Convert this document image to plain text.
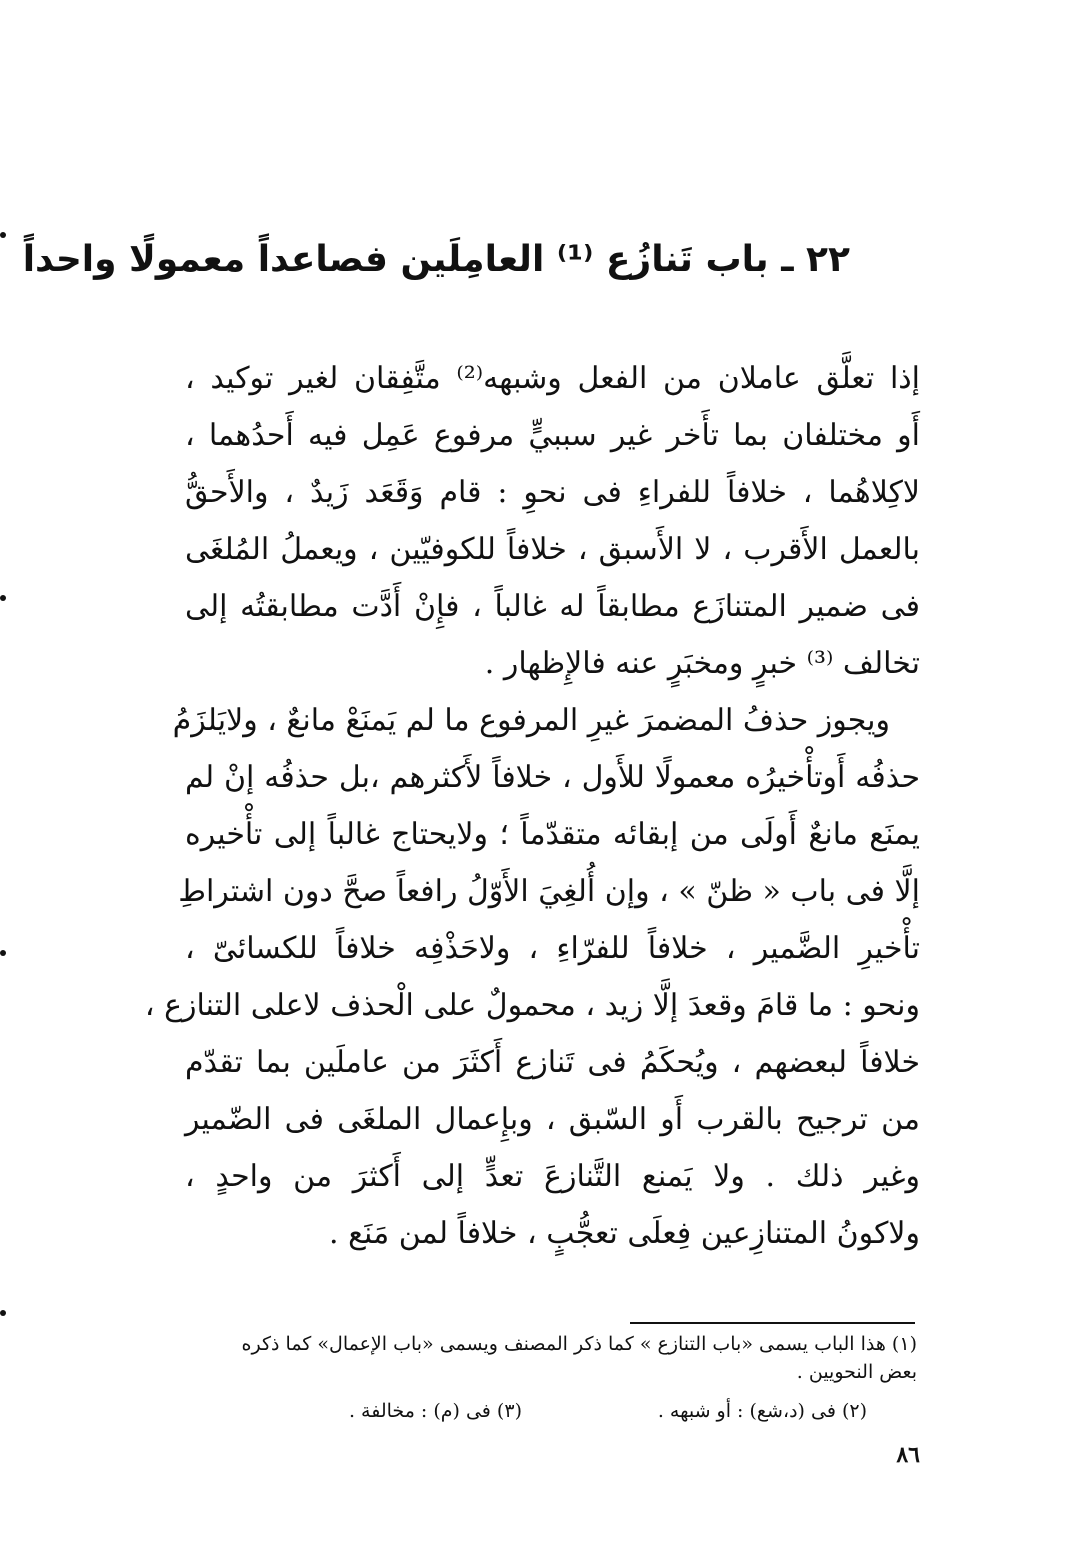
٢٢ ـ باب تَنازُع ⁽¹⁾ العامِلَين فصاعداً معمولًا واحداً
إذا تعلَّق عاملان من الفعل وشبهه⁽²⁾ متَّفِقان لغير توكيد ،
أَو مختلفان بما تأَخر غير سببيٍّ مرفوع عَمِل فيه أَحدُهما ،
لاكِلاهُما ، خلافاً للفراءِ فى نحوِ : قام وَقَعَد زَيدٌ ، والأَحقُّ
بالعمل الأَقرب ، لا الأَسبق ، خلافاً للكوفيّين ، ويعملُ المُلغَى
فى ضمير المتنازَع مطابقاً له غالباً ، فإِنْ أَدَّت مطابقتُه إلى
تخالف ⁽³⁾ خبرٍ ومخبَرٍ عنه فالإِظهار .
ويجوز حذفُ المضمرَ غيرِ المرفوع ما لم يَمنَعْ مانعٌ ، ولايَلزَمُ
حذفُه أَوتأْخيرُه معمولًا للأَول ، خلافاً لأَكثرهم ،بل حذفُه إنْ لم
يمنَع مانعٌ أَولَى من إبقائه متقدّماً ؛ ولايحتاج غالباً إلى تأْخيره
إلَّا فى باب « ظنّ » ، وإن أُلغِيَ الأَوّلُ رافعاً صحَّ دون اشتراطِ
تأْخيرِ الضَّمير ، خلافاً للفرّاءِ ، ولاحَذْفِه خلافاً للكسائىّ ،
ونحو : ما قامَ وقعدَ إلَّا زيد ، محمولٌ على الْحذف لاعلى التنازع ،
خلافاً لبعضهم ، ويُحكَمُ فى تَنازع أَكثَرَ من عاملَين بما تقدّم
من ترجيح بالقرب أَو السّبق ، وبإِعمال الملغَى فى الضّمير
وغير ذلك . ولا يَمنع التَّنازعَ تعدٍّ إلى أَكثرَ من واحدٍ ،
ولاكونُ المتنازِعين فِعلَى تعجُّبٍ ، خلافاً لمن مَنَع .
(١) هذا الباب يسمى «باب التنازع » كما ذكر المصنف ويسمى «باب الإعمال» كما ذكره
بعض النحويين .
(٢) فى (د،شع) : أو شبهه .
(٣) فى (م) : مخالفة .
٨٦
